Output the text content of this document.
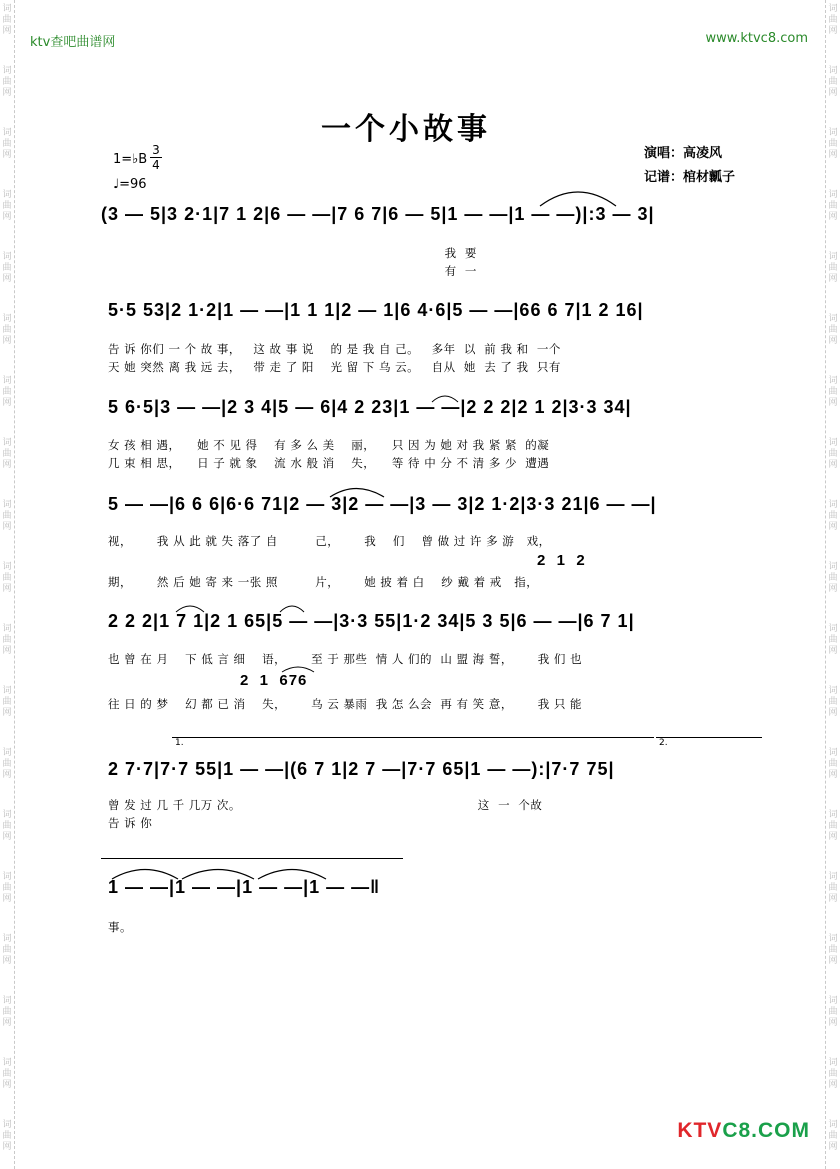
词
曲
网
词
曲
网
词
曲
网
词
曲
网
词
曲
网
词
曲
网
词
曲
网
词
曲
网
词
曲
网
词
曲
网
词
曲
网
词
曲
网
词
曲
网
词
曲
网
词
曲
网
词
曲
网
词
曲
网
词
曲
网
词
曲
网
词
曲
网
词
曲
网
词
曲
网
词
曲
网
词
曲
网
词
曲
网
词
曲
网
词
曲
网
词
曲
网
词
曲
网
词
曲
网
词
曲
网
词
曲
网
词
曲
网
词
曲
网
词
曲
网
词
曲
网
词
曲
网
词
曲
网
ktv查吧曲谱网	www.ktvc8.com
一个小故事
演唱：高凌风
记谱：棺材瓤子
1=♭B
3
4
♩=96
(3 — 5|3 2·1|7 1 2|6 — —|7 6 7|6 — 5|1 — —|1 — —)|:3 — 3|
我  要
有  一
5·5 53|2 1·2|1 — —|1 1 1|2 — 1|6 4·6|5 — —|66 6 7|1 2 16|
告 诉 你们 一 个 故 事，   这 故 事 说    的 是 我 自 己。   多年  以  前 我 和  一个
天 她 突然 离 我 远 去，   带 走 了 阳    光 留 下 乌 云。   自从  她  去 了 我  只有
5 6·5|3 — —|2 3 4|5 — 6|4 2 23|1 — —|2 2 2|2 1 2|3·3 34|
女 孩 相 遇，    她 不 见 得    有 多 么 美    丽，    只 因 为 她 对 我 紧 紧  的凝
几 束 相 思，    日 子 就 象    流 水 般 消    失，    等 待 中 分 不 清 多 少  遭遇
5 — —|6 6 6|6·6 71|2 — 3|2 — —|3 — 3|2 1·2|3·3 21|6 — —|
视，      我 从 此 就 失 落了 自         己，      我    们    曾 做 过 许 多 游   戏，
2  1  2
期，      然 后 她 寄 来 一张 照         片，      她 披 着 白    纱 戴 着 戒   指，
2 2 2|1 7 1|2 1 65|5 — —|3·3 55|1·2 34|5 3 5|6 — —|6 7 1|
也 曾 在 月    下 低 言 细    语，      至 于 那些  情 人 们的  山 盟 海 誓，      我 们 也
2  1  676
往 日 的 梦    幻 都 已 消    失，      乌 云 暴雨  我 怎 么会  再 有 笑 意，      我 只 能
1.	2.
2 7·7|7·7 55|1 — —|(6 7 1|2 7 —|7·7 65|1 — —):|7·7 75|
曾 发 过 几 千 几万 次。                                                         这  一  个故
告 诉 你
1 — —|1 — —|1 — —|1 — —‖
事。
KTVC8.COM
